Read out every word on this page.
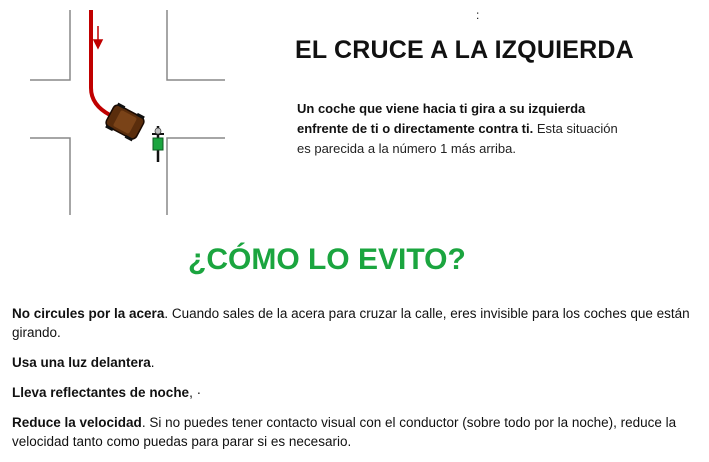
:
EL CRUCE A LA IZQUIERDA
Un coche que viene hacia ti gira a su izquierda enfrente de ti o directamente contra ti. Esta situación es parecida a la número 1 más arriba.
¿CÓMO LO EVITO?

No circules por la acera. Cuando sales de la acera para cruzar la calle, eres invisible para los coches que están girando.

Usa una luz delantera.

Lleva reflectantes de noche, ·

Reduce la velocidad. Si no puedes tener contacto visual con el conductor (sobre todo por la noche), reduce la velocidad tanto como puedas para parar si es necesario.
